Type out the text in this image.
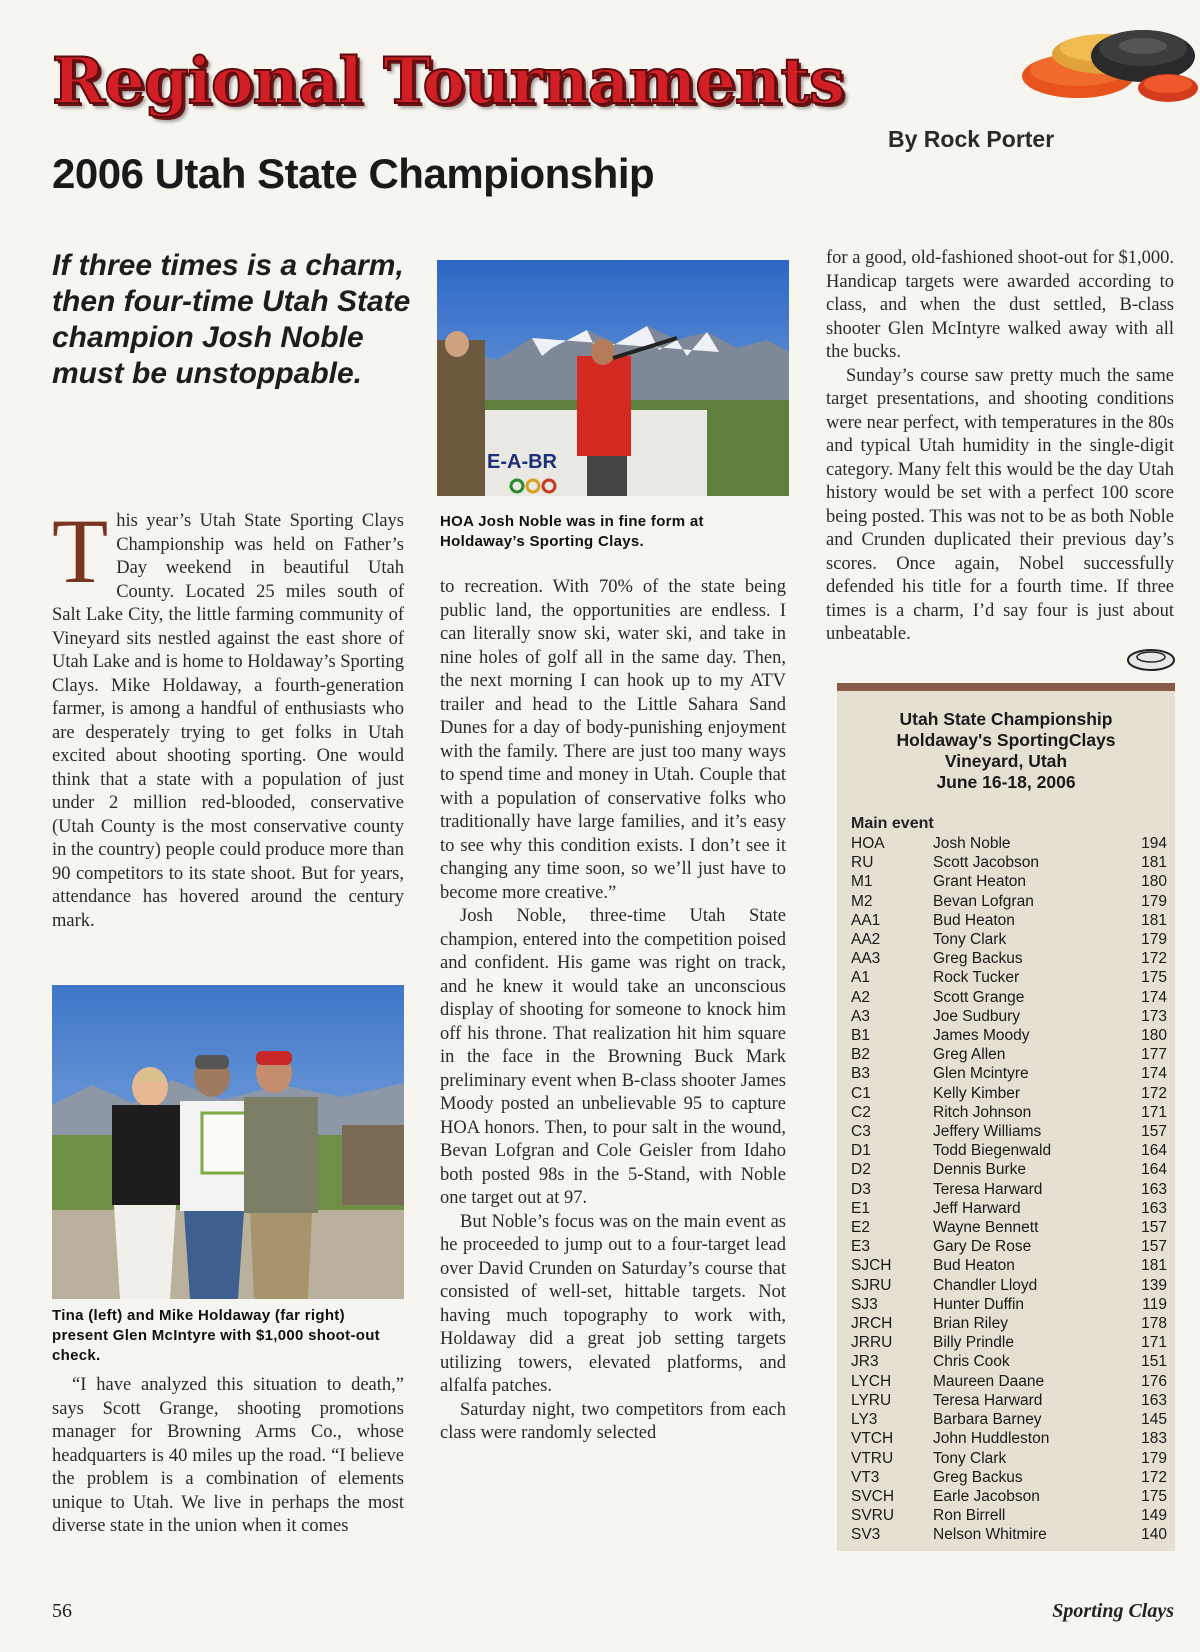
Regional Tournaments
By Rock Porter
2006 Utah State Championship
If three times is a charm, then four-time Utah State champion Josh Noble must be unstoppable.

This year’s Utah State Sporting Clays Championship was held on Father’s Day weekend in beautiful Utah County. Located 25 miles south of Salt Lake City, the little farming community of Vineyard sits nestled against the east shore of Utah Lake and is home to Holdaway’s Sporting Clays. Mike Holdaway, a fourth-generation farmer, is among a handful of enthusiasts who are desperately trying to get folks in Utah excited about shooting sporting. One would think that a state with a population of just under 2 million red-blooded, conservative (Utah County is the most conservative county in the country) people could produce more than 90 competitors to its state shoot. But for years, attendance has hovered around the century mark.

Tina (left) and Mike Holdaway (far right) present Glen McIntyre with $1,000 shoot-out check.

“I have analyzed this situation to death,” says Scott Grange, shooting promotions manager for Browning Arms Co., whose headquarters is 40 miles up the road. “I believe the problem is a combination of elements unique to Utah. We live in perhaps the most diverse state in the union when it comes

E-A-BR
HOA Josh Noble was in fine form at Holdaway’s Sporting Clays.

to recreation. With 70% of the state being public land, the opportunities are endless. I can literally snow ski, water ski, and take in nine holes of golf all in the same day. Then, the next morning I can hook up to my ATV trailer and head to the Little Sahara Sand Dunes for a day of body-punishing enjoyment with the family. There are just too many ways to spend time and money in Utah. Couple that with a population of conservative folks who traditionally have large families, and it’s easy to see why this condition exists. I don’t see it changing any time soon, so we’ll just have to become more creative.”

Josh Noble, three-time Utah State champion, entered into the competition poised and confident. His game was right on track, and he knew it would take an unconscious display of shooting for someone to knock him off his throne. That realization hit him square in the face in the Browning Buck Mark preliminary event when B-class shooter James Moody posted an unbelievable 95 to capture HOA honors. Then, to pour salt in the wound, Bevan Lofgran and Cole Geisler from Idaho both posted 98s in the 5-Stand, with Noble one target out at 97.

But Noble’s focus was on the main event as he proceeded to jump out to a four-target lead over David Crunden on Saturday’s course that consisted of well-set, hittable targets. Not having much topography to work with, Holdaway did a great job setting targets utilizing towers, elevated platforms, and alfalfa patches.

Saturday night, two competitors from each class were randomly selected

for a good, old-fashioned shoot-out for $1,000. Handicap targets were awarded according to class, and when the dust settled, B-class shooter Glen McIntyre walked away with all the bucks.

Sunday’s course saw pretty much the same target presentations, and shooting conditions were near perfect, with temperatures in the 80s and typical Utah humidity in the single-digit category. Many felt this would be the day Utah history would be set with a perfect 100 score being posted. This was not to be as both Noble and Crunden duplicated their previous day’s scores. Once again, Nobel successfully defended his title for a fourth time. If three times is a charm, I’d say four is just about unbeatable.

Utah State Championship
Holdaway's SportingClays
Vineyard, Utah
June 16-18, 2006
Main event
HOA	Josh Noble	194
RU	Scott Jacobson	181
M1	Grant Heaton	180
M2	Bevan Lofgran	179
AA1	Bud Heaton	181
AA2	Tony Clark	179
AA3	Greg Backus	172
A1	Rock Tucker	175
A2	Scott Grange	174
A3	Joe Sudbury	173
B1	James Moody	180
B2	Greg Allen	177
B3	Glen Mcintyre	174
C1	Kelly Kimber	172
C2	Ritch Johnson	171
C3	Jeffery Williams	157
D1	Todd Biegenwald	164
D2	Dennis Burke	164
D3	Teresa Harward	163
E1	Jeff Harward	163
E2	Wayne Bennett	157
E3	Gary De Rose	157
SJCH	Bud Heaton	181
SJRU	Chandler Lloyd	139
SJ3	Hunter Duffin	119
JRCH	Brian Riley	178
JRRU	Billy Prindle	171
JR3	Chris Cook	151
LYCH	Maureen Daane	176
LYRU	Teresa Harward	163
LY3	Barbara Barney	145
VTCH	John Huddleston	183
VTRU	Tony Clark	179
VT3	Greg Backus	172
SVCH	Earle Jacobson	175
SVRU	Ron Birrell	149
SV3	Nelson Whitmire	140
56	Sporting Clays
